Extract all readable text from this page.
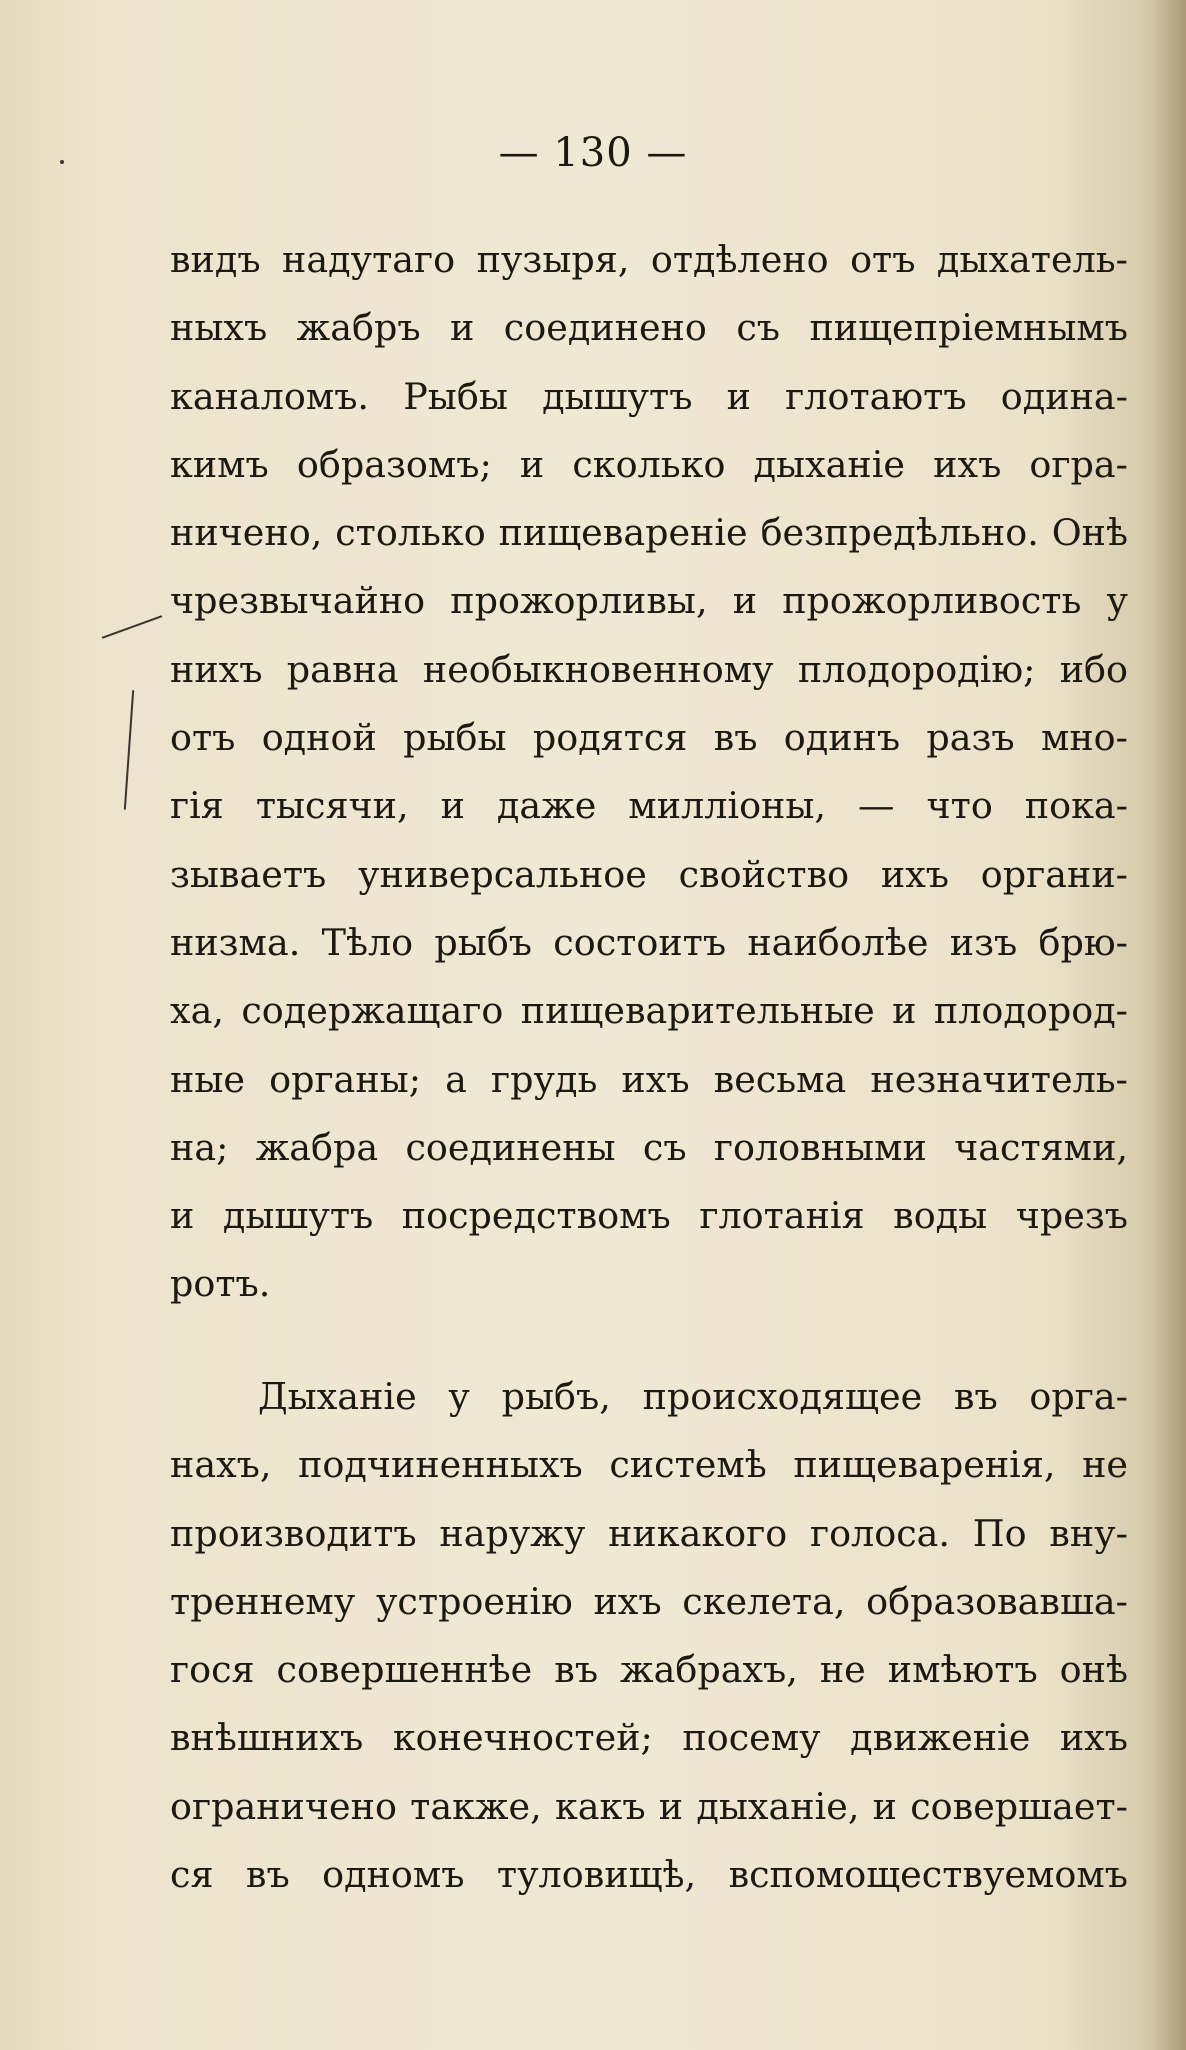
— 130 —
видъ надутаго пузыря, отдѣлено отъ дыхатель-
ныхъ жабръ и соединено съ пищепріемнымъ
каналомъ. Рыбы дышутъ и глотаютъ одина-
кимъ образомъ; и сколько дыханіе ихъ огра-
ничено, столько пищевареніе безпредѣльно. Онѣ
чрезвычайно прожорливы, и прожорливость у
нихъ равна необыкновенному плодородію; ибо
отъ одной рыбы родятся въ одинъ разъ мно-
гія тысячи, и даже милліоны, — что пока-
зываетъ универсальное свойство ихъ органи-
низма. Тѣло рыбъ состоитъ наиболѣе изъ брю-
ха, содержащаго пищеварительные и плодород-
ные органы; а грудь ихъ весьма незначитель-
на; жабра соединены съ головными частями,
и дышутъ посредствомъ глотанія воды чрезъ
ротъ.
Дыханіе у рыбъ, происходящее въ орга-
нахъ, подчиненныхъ системѣ пищеваренія, не
производитъ наружу никакого голоса. По вну-
треннему устроенію ихъ скелета, образовавша-
гося совершеннѣе въ жабрахъ, не имѣютъ онѣ
внѣшнихъ конечностей; посему движеніе ихъ
ограничено также, какъ и дыханіе, и совершает-
ся въ одномъ туловищѣ, вспомоществуемомъ
